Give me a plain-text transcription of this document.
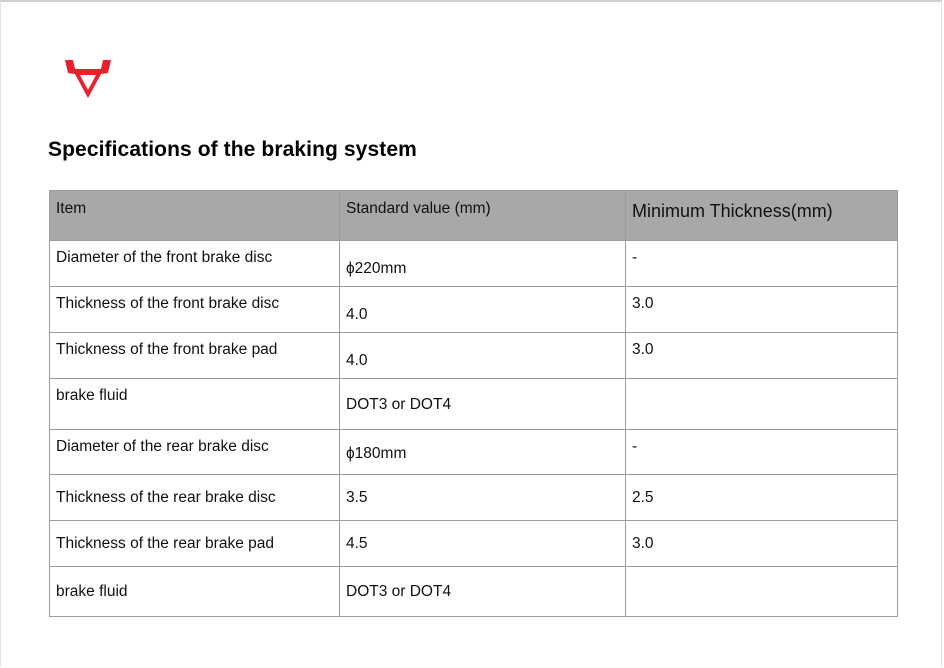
Specifications of the braking system
Item	Standard value (mm)	Minimum Thickness(mm)

Diameter of the front brake disc	ϕ220mm	-

Thickness of the front brake disc	4.0	3.0

Thickness of the front brake pad	4.0	3.0

brake fluid	DOT3 or DOT4	

Diameter of the rear brake disc	ϕ180mm	-

Thickness of the rear brake disc	3.5	2.5

Thickness of the rear brake pad	4.5	3.0

brake fluid	DOT3 or DOT4	
